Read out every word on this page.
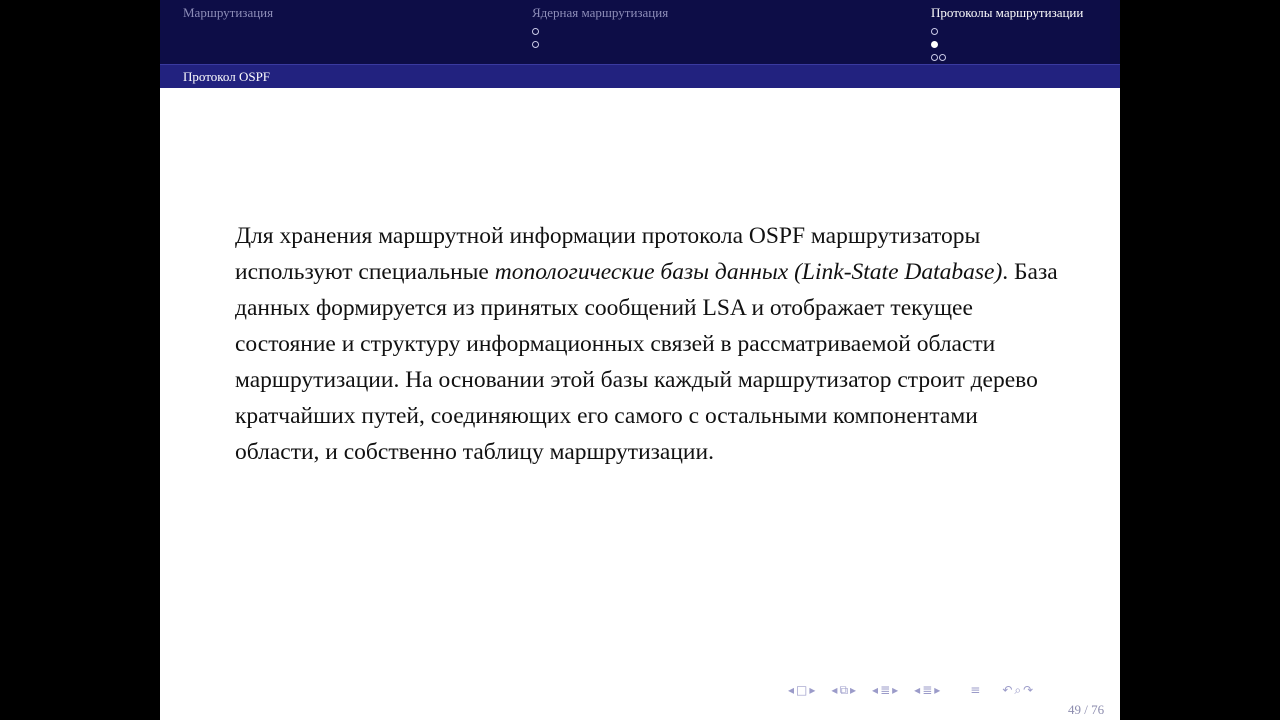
Маршрутизация	Ядерная маршрутизация	Протоколы маршрутизации
Протокол OSPF

Для хранения маршрутной информации протокола OSPF маршрутизаторы используют специальные топологические базы данных (Link-State Database). База данных формируется из принятых сообщений LSA и отображает текущее состояние и структуру информационных связей в рассматриваемой области маршрутизации. На основании этой базы каждый маршрутизатор строит дерево кратчайших путей, соединяющих его самого с остальными компонентами области, и собственно таблицу маршрутизации.

◂ □ ▸ ◂ ⧉ ▸ ◂ ≣ ▸ ◂ ≣ ▸	≡ ↶ ⌕ ↷
49 / 76
